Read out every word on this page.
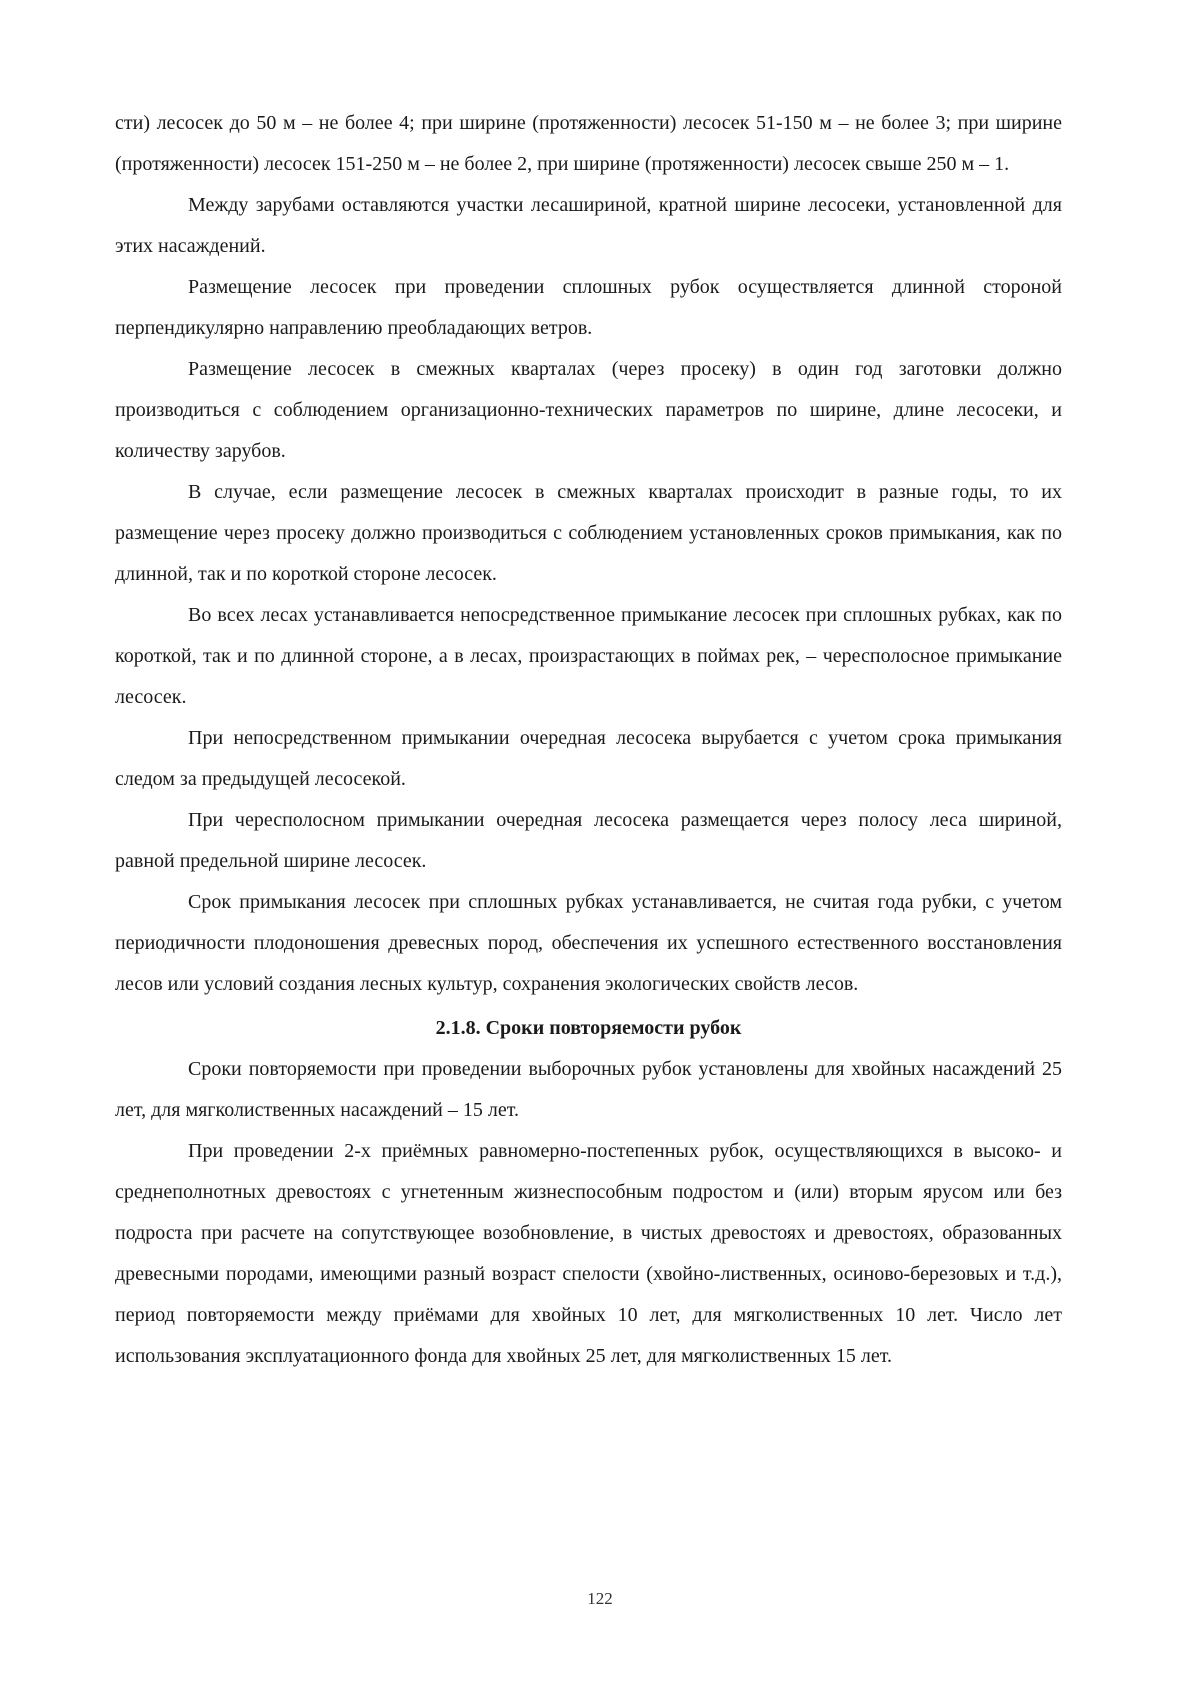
сти) лесосек до 50 м – не более 4; при ширине (протяженности) лесосек 51-150 м – не более 3; при ширине (протяженности) лесосек 151-250 м – не более 2, при ширине (протяженности) лесосек свыше 250 м – 1.

Между зарубами оставляются участки лесашириной, кратной ширине лесосеки, установленной для этих насаждений.

Размещение лесосек при проведении сплошных рубок осуществляется длинной стороной перпендикулярно направлению преобладающих ветров.

Размещение лесосек в смежных кварталах (через просеку) в один год заготовки должно производиться с соблюдением организационно-технических параметров по ширине, длине лесосеки, и количеству зарубов.

В случае, если размещение лесосек в смежных кварталах происходит в разные годы, то их размещение через просеку должно производиться с соблюдением установленных сроков примыкания, как по длинной, так и по короткой стороне лесосек.

Во всех лесах устанавливается непосредственное примыкание лесосек при сплошных рубках, как по короткой, так и по длинной стороне, а в лесах, произрастающих в поймах рек, – чересполосное примыкание лесосек.

При непосредственном примыкании очередная лесосека вырубается с учетом срока примыкания следом за предыдущей лесосекой.

При чересполосном примыкании очередная лесосека размещается через полосу леса шириной, равной предельной ширине лесосек.

Срок примыкания лесосек при сплошных рубках устанавливается, не считая года рубки, с учетом периодичности плодоношения древесных пород, обеспечения их успешного естественного восстановления лесов или условий создания лесных культур, сохранения экологических свойств лесов.

2.1.8. Сроки повторяемости рубок

Сроки повторяемости при проведении выборочных рубок установлены для хвойных насаждений 25 лет, для мягколиственных насаждений – 15 лет.

При проведении 2-х приёмных равномерно-постепенных рубок, осуществляющихся в высоко- и среднеполнотных древостоях с угнетенным жизнеспособным подростом и (или) вторым ярусом или без подроста при расчете на сопутствующее возобновление, в чистых древостоях и древостоях, образованных древесными породами, имеющими разный возраст спелости (хвойно-лиственных, осиново-березовых и т.д.), период повторяемости между приёмами для хвойных 10 лет, для мягколиственных 10 лет. Число лет использования эксплуатационного фонда для хвойных 25 лет, для мягколиственных 15 лет.

122
